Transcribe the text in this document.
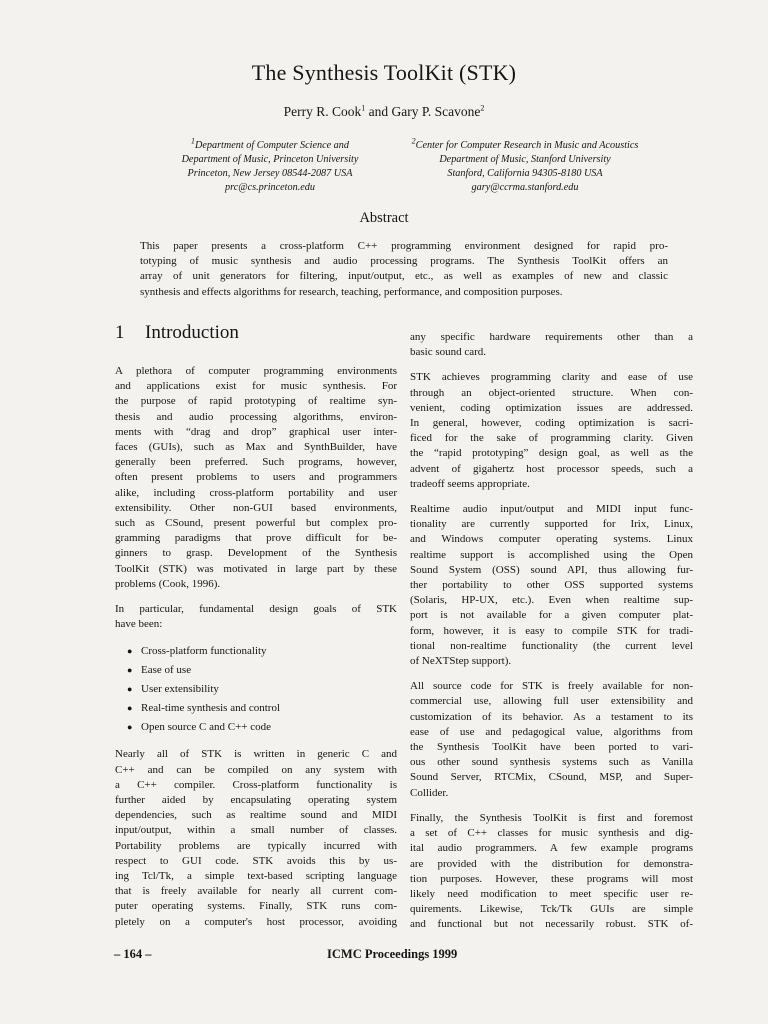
The Synthesis ToolKit (STK)
Perry R. Cook$^1$ and Gary P. Scavone$^2$
$^1$Department of Computer Science and
Department of Music, Princeton University
Princeton, New Jersey 08544-2087 USA
prc@cs.princeton.edu
$^2$Center for Computer Research in Music and Acoustics
Department of Music, Stanford University
Stanford, California 94305-8180 USA
gary@ccrma.stanford.edu
Abstract
This paper presents a cross-platform C++ programming environment designed for rapid pro-
totyping of music synthesis and audio processing programs. The Synthesis ToolKit offers an
array of unit generators for filtering, input/output, etc., as well as examples of new and classic
synthesis and effects algorithms for research, teaching, performance, and composition purposes.
1 Introduction

A plethora of computer programming environments
and applications exist for music synthesis. For
the purpose of rapid prototyping of realtime syn-
thesis and audio processing algorithms, environ-
ments with “drag and drop” graphical user inter-
faces (GUIs), such as Max and SynthBuilder, have
generally been preferred. Such programs, however,
often present problems to users and programmers
alike, including cross-platform portability and user
extensibility. Other non-GUI based environments,
such as CSound, present powerful but complex pro-
gramming paradigms that prove difficult for be-
ginners to grasp. Development of the Synthesis
ToolKit (STK) was motivated in large part by these
problems (Cook, 1996).

In particular, fundamental design goals of STK
have been:

● Cross-platform functionality
● Ease of use
● User extensibility
● Real-time synthesis and control
● Open source C and C++ code

Nearly all of STK is written in generic C and
C++ and can be compiled on any system with
a C++ compiler. Cross-platform functionality is
further aided by encapsulating operating system
dependencies, such as realtime sound and MIDI
input/output, within a small number of classes.
Portability problems are typically incurred with
respect to GUI code. STK avoids this by us-
ing Tcl/Tk, a simple text-based scripting language
that is freely available for nearly all current com-
puter operating systems. Finally, STK runs com-
pletely on a computer's host processor, avoiding

any specific hardware requirements other than a
basic sound card.

STK achieves programming clarity and ease of use
through an object-oriented structure. When con-
venient, coding optimization issues are addressed.
In general, however, coding optimization is sacri-
ficed for the sake of programming clarity. Given
the “rapid prototyping” design goal, as well as the
advent of gigahertz host processor speeds, such a
tradeoff seems appropriate.

Realtime audio input/output and MIDI input func-
tionality are currently supported for Irix, Linux,
and Windows computer operating systems. Linux
realtime support is accomplished using the Open
Sound System (OSS) sound API, thus allowing fur-
ther portability to other OSS supported systems
(Solaris, HP-UX, etc.). Even when realtime sup-
port is not available for a given computer plat-
form, however, it is easy to compile STK for tradi-
tional non-realtime functionality (the current level
of NeXTStep support).

All source code for STK is freely available for non-
commercial use, allowing full user extensibility and
customization of its behavior. As a testament to its
ease of use and pedagogical value, algorithms from
the Synthesis ToolKit have been ported to vari-
ous other sound synthesis systems such as Vanilla
Sound Server, RTCMix, CSound, MSP, and Super-
Collider.

Finally, the Synthesis ToolKit is first and foremost
a set of C++ classes for music synthesis and dig-
ital audio programmers. A few example programs
are provided with the distribution for demonstra-
tion purposes. However, these programs will most
likely need modification to meet specific user re-
quirements. Likewise, Tck/Tk GUIs are simple
and functional but not necessarily robust. STK of-

– 164 –	ICMC Proceedings 1999
